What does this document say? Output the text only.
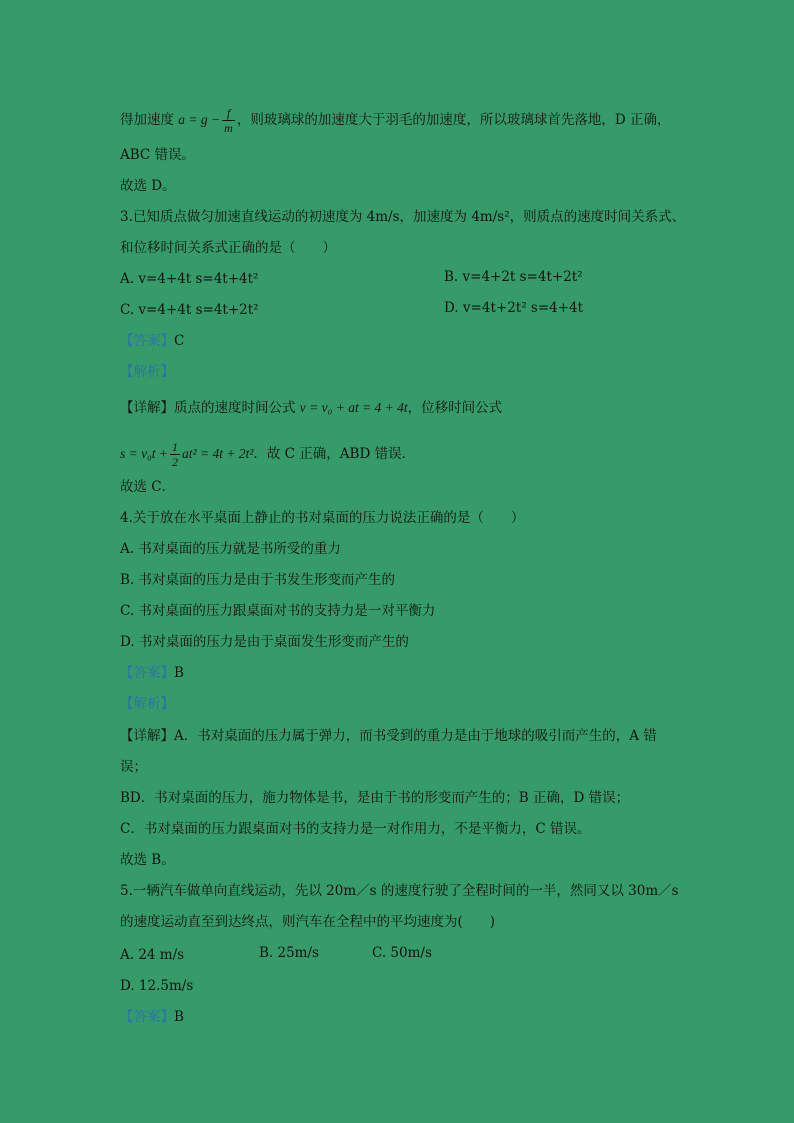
得加速度 $a = g - \frac{f}{m}$ ，则玻璃球的加速度大于羽毛的加速度，所以玻璃球首先落地，D 正确，
ABC 错误。
故选 D。
3.已知质点做匀加速直线运动的初速度为 4m/s，加速度为 4m/s²，则质点的速度时间关系式、
和位移时间关系式正确的是（　　）
A. v=4+4t s=4t+4t²	B. v=4+2t s=4t+2t²
C. v=4+4t s=4t+2t²	D. v=4t+2t² s=4+4t
【答案】C
【解析】
【详解】质点的速度时间公式 v = v₀ + at = 4 + 4t，位移时间公式
$s = v_0t + \frac{1}{2} at^2 = 4t + 2t^2$．故 C 正确，ABD 错误．
故选 C．
4.关于放在水平桌面上静止的书对桌面的压力说法正确的是（　　）
A. 书对桌面的压力就是书所受的重力
B. 书对桌面的压力是由于书发生形变而产生的
C. 书对桌面的压力跟桌面对书的支持力是一对平衡力
D. 书对桌面的压力是由于桌面发生形变而产生的
【答案】B
【解析】
【详解】A．书对桌面的压力属于弹力，而书受到的重力是由于地球的吸引而产生的，A 错
误；
BD．书对桌面的压力，施力物体是书，是由于书的形变而产生的；B 正确，D 错误；
C．书对桌面的压力跟桌面对书的支持力是一对作用力，不是平衡力，C 错误。
故选 B。
5.一辆汽车做单向直线运动，先以 20m／s 的速度行驶了全程时间的一半，然同又以 30m／s
的速度运动直至到达终点，则汽车在全程中的平均速度为(　　)
A. 24 m/s	B. 25m/s	C. 50m/s
D. 12.5m/s
【答案】B
